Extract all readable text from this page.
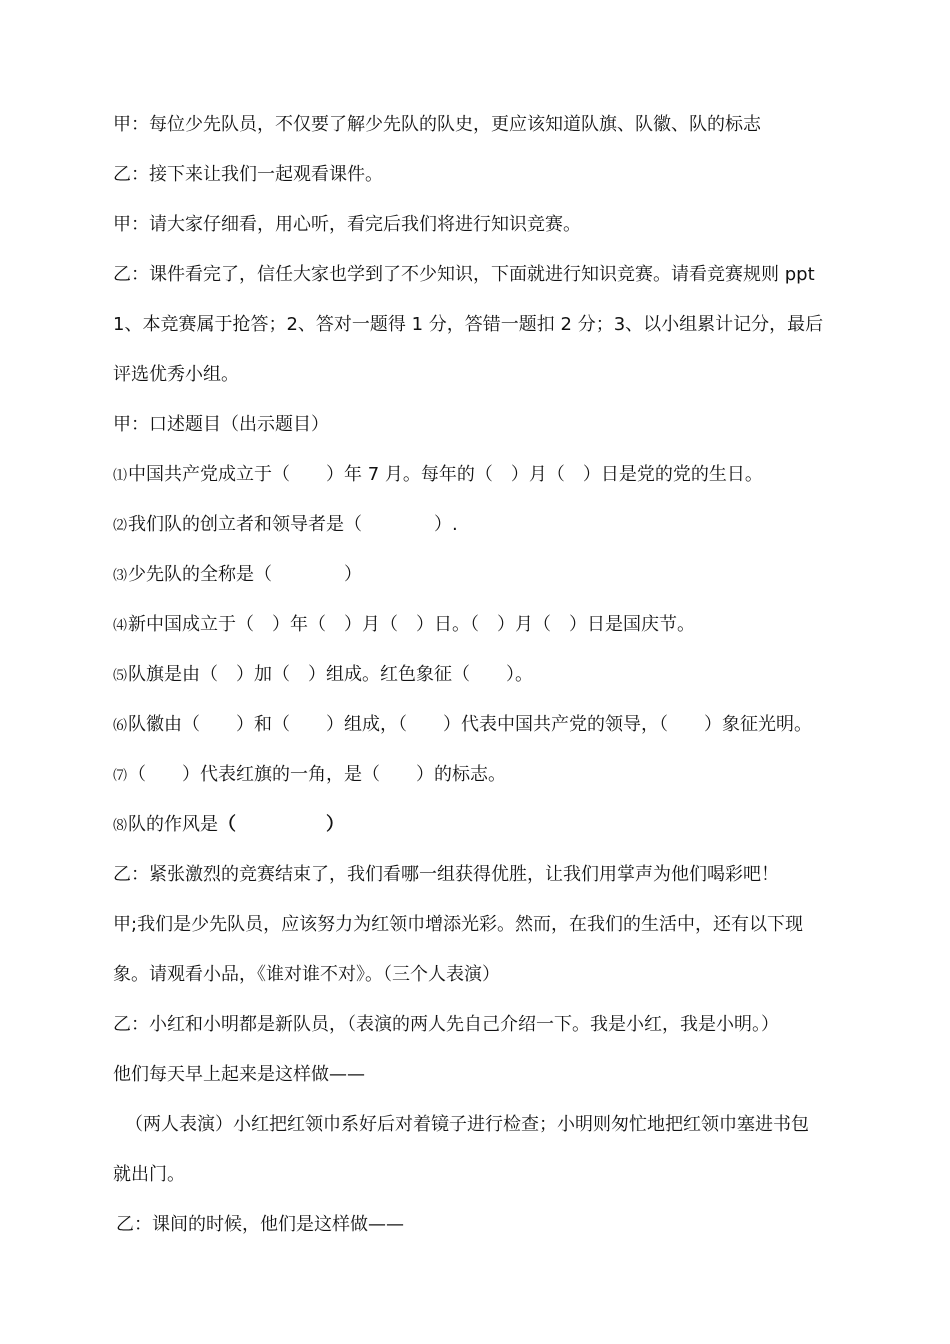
甲：每位少先队员，不仅要了解少先队的队史，更应该知道队旗、队徽、队的标志
乙：接下来让我们一起观看课件。
甲：请大家仔细看，用心听，看完后我们将进行知识竞赛。
乙：课件看完了，信任大家也学到了不少知识，下面就进行知识竞赛。请看竞赛规则 ppt
1、本竞赛属于抢答；2、答对一题得 1 分，答错一题扣 2 分；3、以小组累计记分，最后
评选优秀小组。
甲：口述题目（出示题目）
⑴中国共产党成立于（　　）年 7 月。每年的（　）月（　）日是党的党的生日。
⑵我们队的创立者和领导者是（　　　　）.
⑶少先队的全称是（　　　　）
⑷新中国成立于（　）年（　）月（　）日。（　）月（　）日是国庆节。
⑸队旗是由（　）加（　）组成。红色象征（　　）。
⑹队徽由（　　）和（　　）组成，（　　）代表中国共产党的领导，（　　）象征光明。
⑺（　　）代表红旗的一角，是（　　）的标志。
⑻队的作风是（　　　　　）
乙：紧张激烈的竞赛结束了，我们看哪一组获得优胜，让我们用掌声为他们喝彩吧！
甲;我们是少先队员，应该努力为红领巾增添光彩。然而，在我们的生活中，还有以下现
象。请观看小品，《谁对谁不对》。（三个人表演）
乙：小红和小明都是新队员，（表演的两人先自己介绍一下。我是小红，我是小明。）
他们每天早上起来是这样做——
（两人表演）小红把红领巾系好后对着镜子进行检查；小明则匆忙地把红领巾塞进书包
就出门。
乙：课间的时候，他们是这样做——
